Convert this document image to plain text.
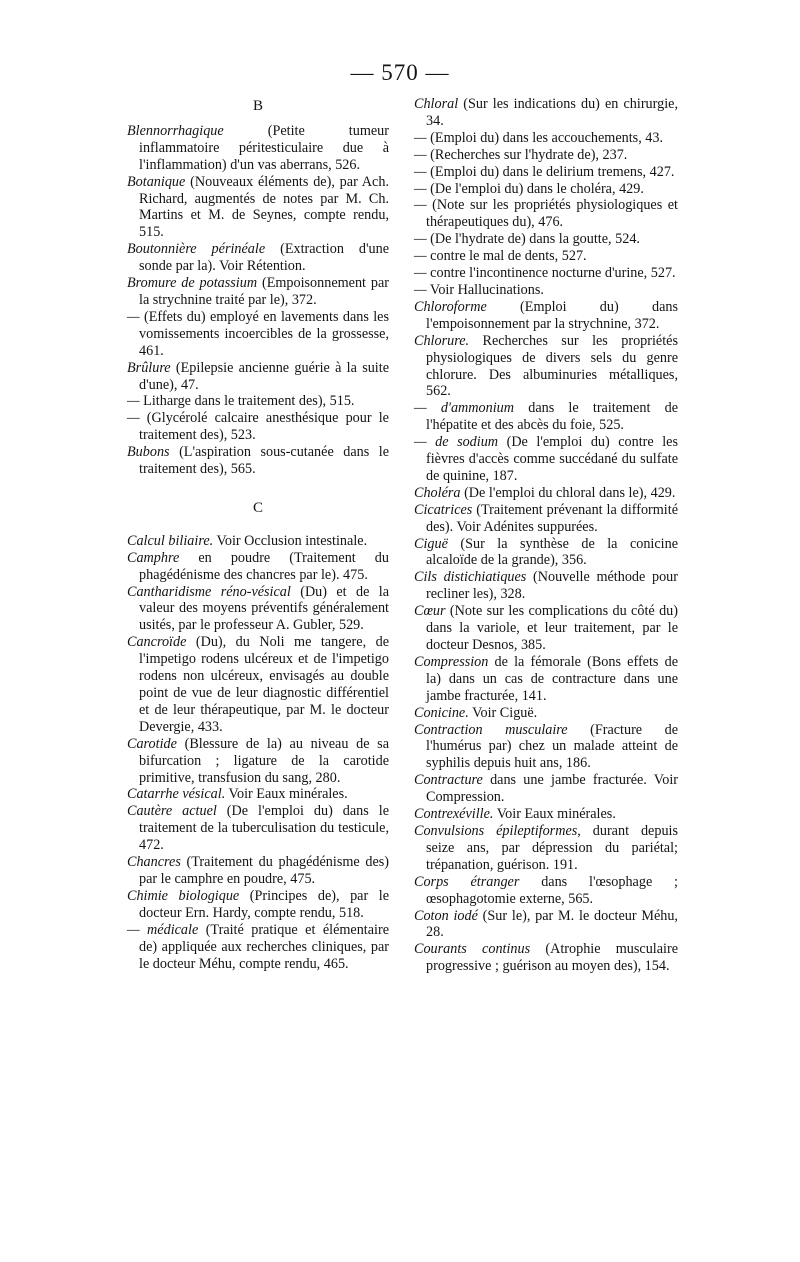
— 570 —
B

Blennorrhagique (Petite tumeur inflammatoire péritesticulaire due à l'inflammation) d'un vas aberrans, 526.

Botanique (Nouveaux éléments de), par Ach. Richard, augmentés de notes par M. Ch. Martins et M. de Seynes, compte rendu, 515.

Boutonnière périnéale (Extraction d'une sonde par la). Voir Rétention.

Bromure de potassium (Empoisonnement par la strychnine traité par le), 372.

— (Effets du) employé en lavements dans les vomissements incoercibles de la grossesse, 461.

Brûlure (Epilepsie ancienne guérie à la suite d'une), 47.

— Litharge dans le traitement des), 515.

— (Glycérolé calcaire anesthésique pour le traitement des), 523.

Bubons (L'aspiration sous-cutanée dans le traitement des), 565.

C

Calcul biliaire. Voir Occlusion intestinale.

Camphre en poudre (Traitement du phagédénisme des chancres par le). 475.

Cantharidisme réno-vésical (Du) et de la valeur des moyens préventifs généralement usités, par le professeur A. Gubler, 529.

Cancroïde (Du), du Noli me tangere, de l'impetigo rodens ulcéreux et de l'impetigo rodens non ulcéreux, envisagés au double point de vue de leur diagnostic différentiel et de leur thérapeutique, par M. le docteur Devergie, 433.

Carotide (Blessure de la) au niveau de sa bifurcation ; ligature de la carotide primitive, transfusion du sang, 280.

Catarrhe vésical. Voir Eaux minérales.

Cautère actuel (De l'emploi du) dans le traitement de la tuberculisation du testicule, 472.

Chancres (Traitement du phagédénisme des) par le camphre en poudre, 475.

Chimie biologique (Principes de), par le docteur Ern. Hardy, compte rendu, 518.

— médicale (Traité pratique et élémentaire de) appliquée aux recherches cliniques, par le docteur Méhu, compte rendu, 465.

Chloral (Sur les indications du) en chirurgie, 34.

— (Emploi du) dans les accouchements, 43.

— (Recherches sur l'hydrate de), 237.

— (Emploi du) dans le delirium tremens, 427.

— (De l'emploi du) dans le choléra, 429.

— (Note sur les propriétés physiologiques et thérapeutiques du), 476.

— (De l'hydrate de) dans la goutte, 524.

— contre le mal de dents, 527.

— contre l'incontinence nocturne d'urine, 527.

— Voir Hallucinations.

Chloroforme (Emploi du) dans l'empoisonnement par la strychnine, 372.

Chlorure. Recherches sur les propriétés physiologiques de divers sels du genre chlorure. Des albuminuries métalliques, 562.

— d'ammonium dans le traitement de l'hépatite et des abcès du foie, 525.

— de sodium (De l'emploi du) contre les fièvres d'accès comme succédané du sulfate de quinine, 187.

Choléra (De l'emploi du chloral dans le), 429.

Cicatrices (Traitement prévenant la difformité des). Voir Adénites suppurées.

Ciguë (Sur la synthèse de la conicine alcaloïde de la grande), 356.

Cils distichiatiques (Nouvelle méthode pour recliner les), 328.

Cœur (Note sur les complications du côté du) dans la variole, et leur traitement, par le docteur Desnos, 385.

Compression de la fémorale (Bons effets de la) dans un cas de contracture dans une jambe fracturée, 141.

Conicine. Voir Ciguë.

Contraction musculaire (Fracture de l'humérus par) chez un malade atteint de syphilis depuis huit ans, 186.

Contracture dans une jambe fracturée. Voir Compression.

Contrexéville. Voir Eaux minérales.

Convulsions épileptiformes, durant depuis seize ans, par dépression du pariétal; trépanation, guérison. 191.

Corps étranger dans l'œsophage ; œsophagotomie externe, 565.

Coton iodé (Sur le), par M. le docteur Méhu, 28.

Courants continus (Atrophie musculaire progressive ; guérison au moyen des), 154.
